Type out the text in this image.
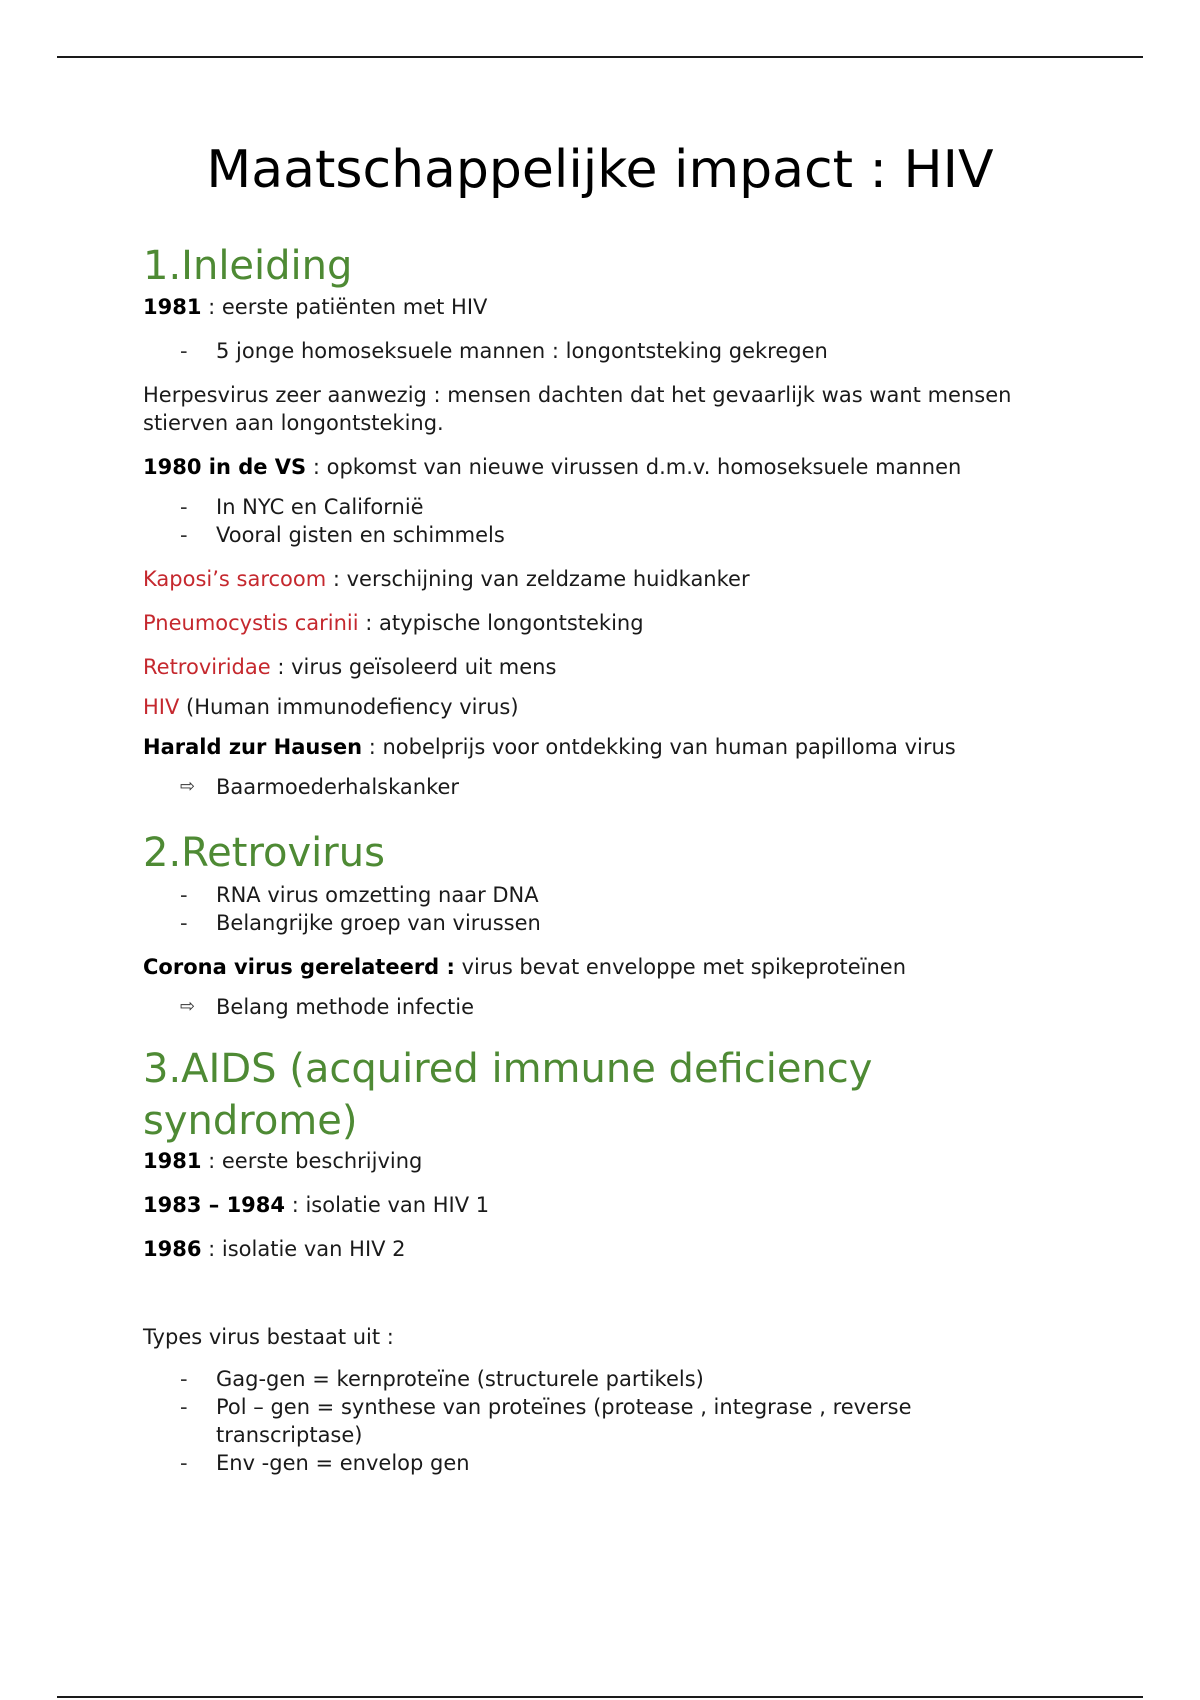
Maatschappelijke impact : HIV
1.Inleiding

1981 : eerste patiënten met HIV

- 5 jonge homoseksuele mannen : longontsteking gekregen

Herpesvirus zeer aanwezig : mensen dachten dat het gevaarlijk was want mensen stierven aan longontsteking.

1980 in de VS : opkomst van nieuwe virussen d.m.v. homoseksuele mannen

- In NYC en Californië
- Vooral gisten en schimmels

Kaposi’s sarcoom : verschijning van zeldzame huidkanker

Pneumocystis carinii : atypische longontsteking

Retroviridae : virus geïsoleerd uit mens

HIV (Human immunodefiency virus)

Harald zur Hausen : nobelprijs voor ontdekking van human papilloma virus

⇨ Baarmoederhalskanker
2.Retrovirus
- RNA virus omzetting naar DNA
- Belangrijke groep van virussen

Corona virus gerelateerd : virus bevat enveloppe met spikeproteïnen

⇨ Belang methode infectie
3.AIDS (acquired immune deficiency
syndrome)

1981 : eerste beschrijving

1983 – 1984 : isolatie van HIV 1

1986 : isolatie van HIV 2

Types virus bestaat uit :

- Gag-gen = kernproteïne (structurele partikels)
- Pol – gen = synthese van proteïnes (protease , integrase , reverse transcriptase)
- Env -gen = envelop gen
